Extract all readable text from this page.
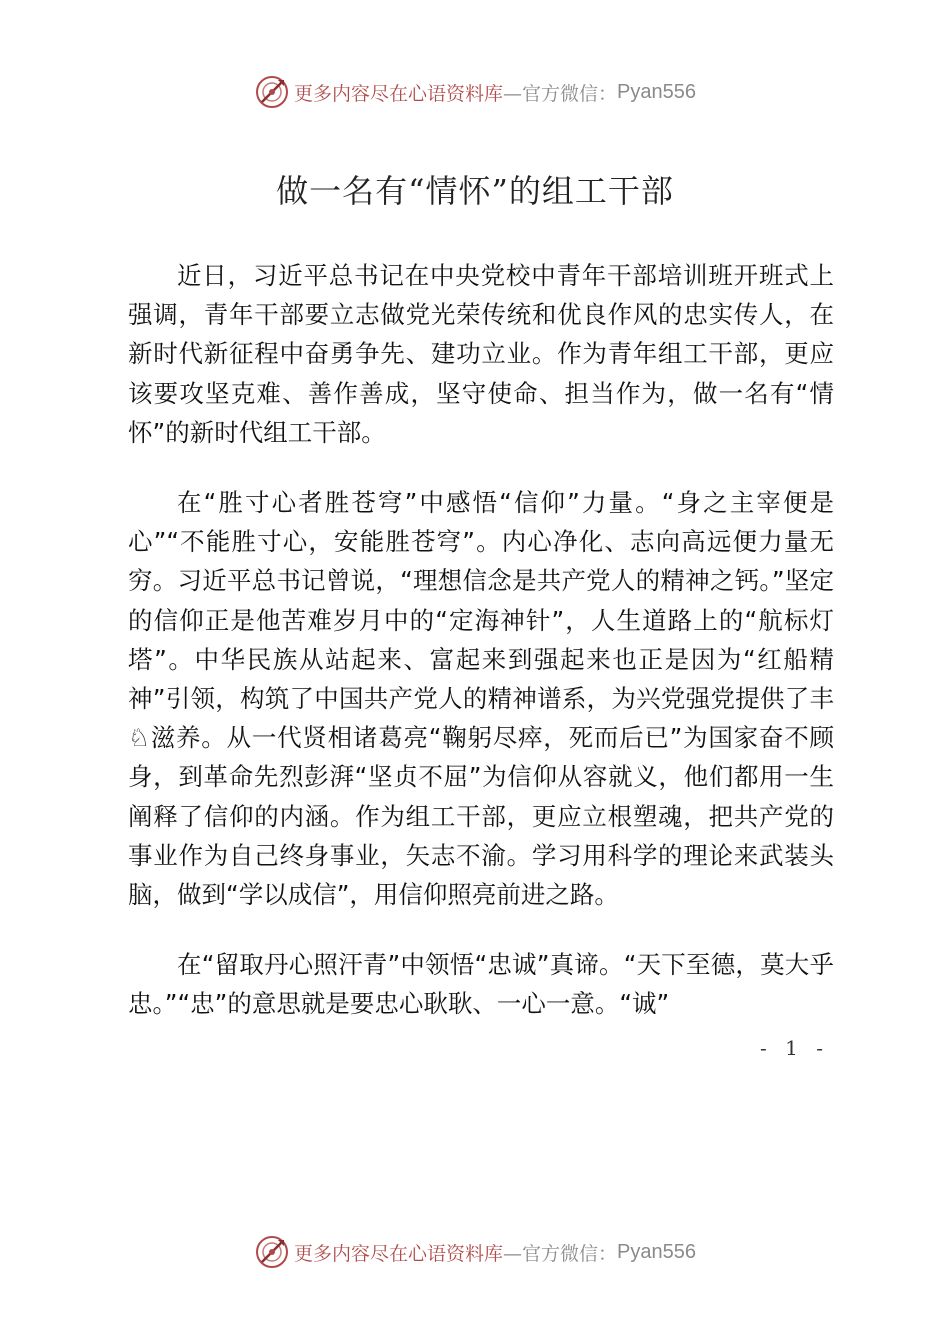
更多内容尽在心语资料库 —官方微信： Pyan556
做一名有“情怀”的组工干部

近日，习近平总书记在中央党校中青年干部培训班开班式上强调，青年干部要立志做党光荣传统和优良作风的忠实传人，在新时代新征程中奋勇争先、建功立业。作为青年组工干部，更应该要攻坚克难、善作善成，坚守使命、担当作为，做一名有“情怀”的新时代组工干部。

在“胜寸心者胜苍穹”中感悟“信仰”力量。“身之主宰便是心”“不能胜寸心，安能胜苍穹”。内心净化、志向高远便力量无穷。习近平总书记曾说，“理想信念是共产党人的精神之钙。”坚定的信仰正是他苦难岁月中的“定海神针”，人生道路上的“航标灯塔”。中华民族从站起来、富起来到强起来也正是因为“红船精神”引领，构筑了中国共产党人的精神谱系，为兴党强党提供了丰♘滋养。从一代贤相诸葛亮“鞠躬尽瘁，死而后已”为国家奋不顾身，到革命先烈彭湃“坚贞不屈”为信仰从容就义，他们都用一生阐释了信仰的内涵。作为组工干部，更应立根塑魂，把共产党的事业作为自己终身事业，矢志不渝。学习用科学的理论来武装头脑，做到“学以成信”，用信仰照亮前进之路。

在“留取丹心照汗青”中领悟“忠诚”真谛。“天下至德，莫大乎忠。”“忠”的意思就是要忠心耿耿、一心一意。“诚”

- 1 -
更多内容尽在心语资料库 —官方微信： Pyan556
